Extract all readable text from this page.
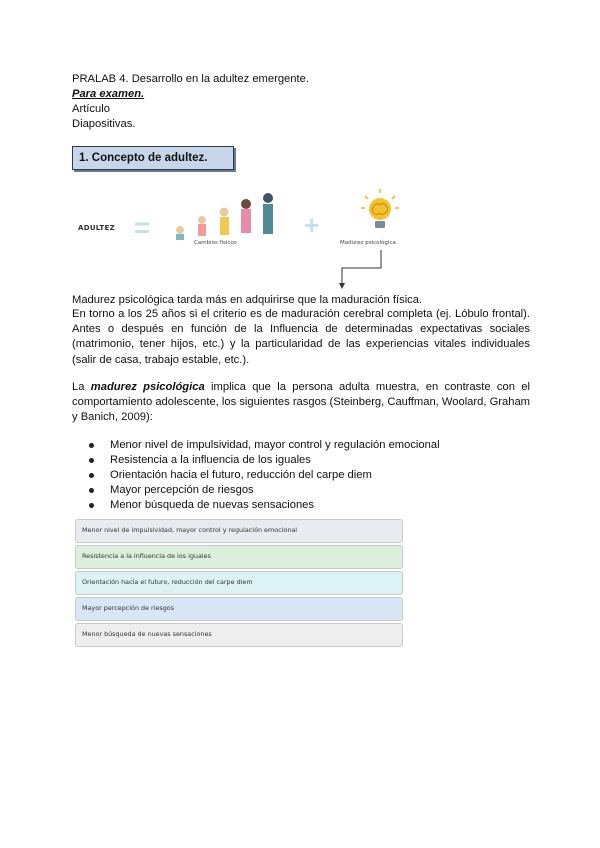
PRALAB 4. Desarrollo en la adultez emergente.
Para examen.
Artículo
Diapositivas.
1. Concepto de adultez.
ADULTEZ =	Cambios físicos
+
Madurez psicológica
Madurez psicológica tarda más en adquirirse que la maduración física.
En torno a los 25 años si el criterio es de maduración cerebral completa (ej. Lóbulo frontal). Antes o después en función de la Influencia de determinadas expectativas sociales (matrimonio, tener hijos, etc.) y la particularidad de las experiencias vitales individuales (salir de casa, trabajo estable, etc.).
La madurez psicológica implica que la persona adulta muestra, en contraste con el comportamiento adolescente, los siguientes rasgos (Steinberg, Cauffman, Woolard, Graham y Banich, 2009):
Menor nivel de impulsividad, mayor control y regulación emocional
Resistencia a la influencia de los iguales
Orientación hacia el futuro, reducción del carpe diem
Mayor percepción de riesgos
Menor búsqueda de nuevas sensaciones
Menor nivel de impulsividad, mayor control y regulación emocional
Resistencia a la influencia de los iguales
Orientación hacia el futuro, reducción del carpe diem
Mayor percepción de riesgos
Menor búsqueda de nuevas sensaciones
